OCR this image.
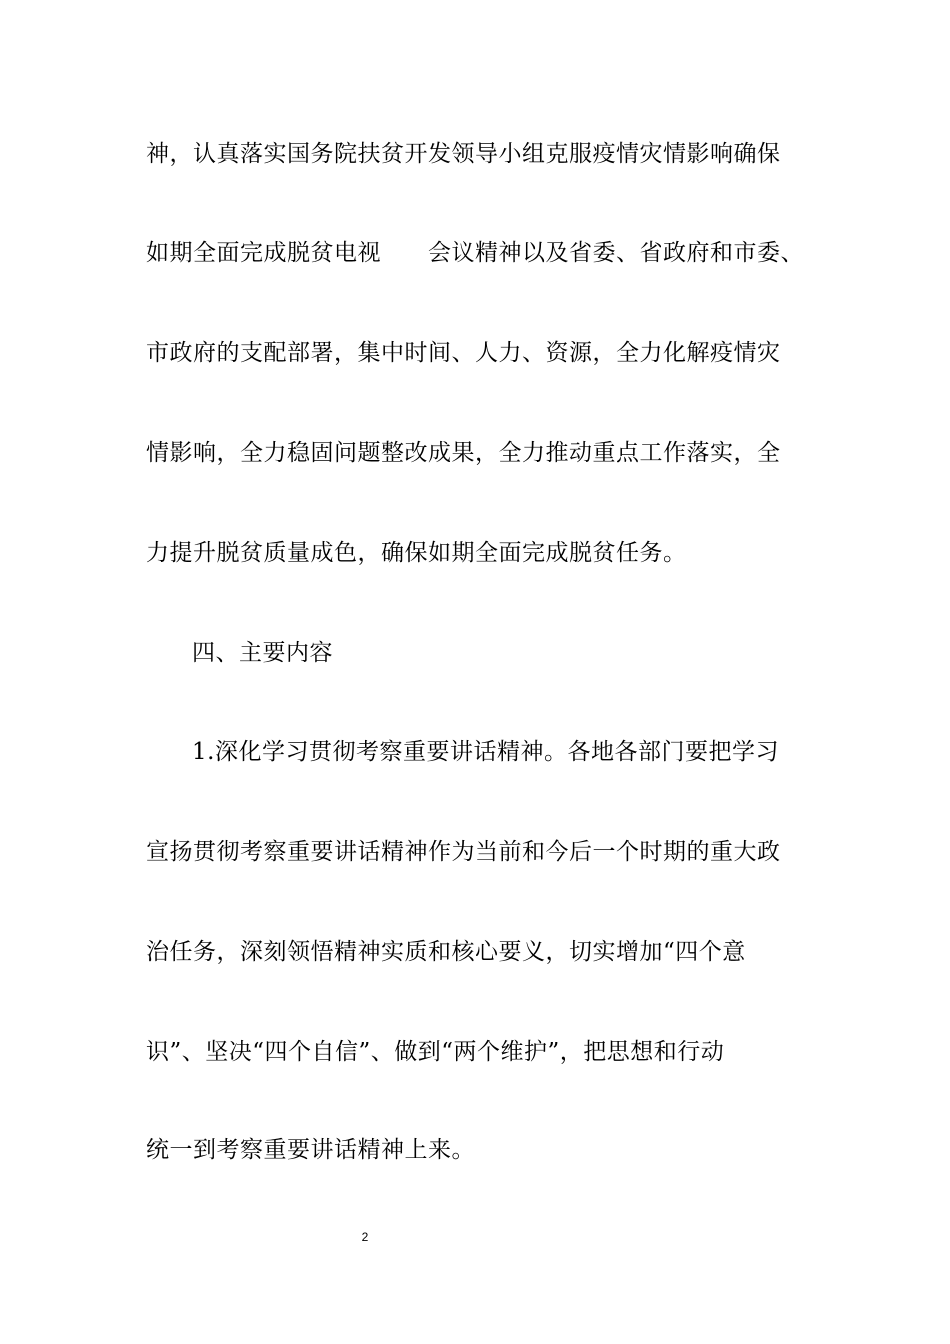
神，认真落实国务院扶贫开发领导小组克服疫情灾情影响确保
如期全面完成脱贫电视　　会议精神以及省委、省政府和市委、
市政府的支配部署，集中时间、人力、资源，全力化解疫情灾
情影响，全力稳固问题整改成果，全力推动重点工作落实，全
力提升脱贫质量成色，确保如期全面完成脱贫任务。
四、主要内容
1.深化学习贯彻考察重要讲话精神。各地各部门要把学习
宣扬贯彻考察重要讲话精神作为当前和今后一个时期的重大政
治任务，深刻领悟精神实质和核心要义，切实增加“四个意
识”、坚决“四个自信”、做到“两个维护”，把思想和行动
统一到考察重要讲话精神上来。
2
